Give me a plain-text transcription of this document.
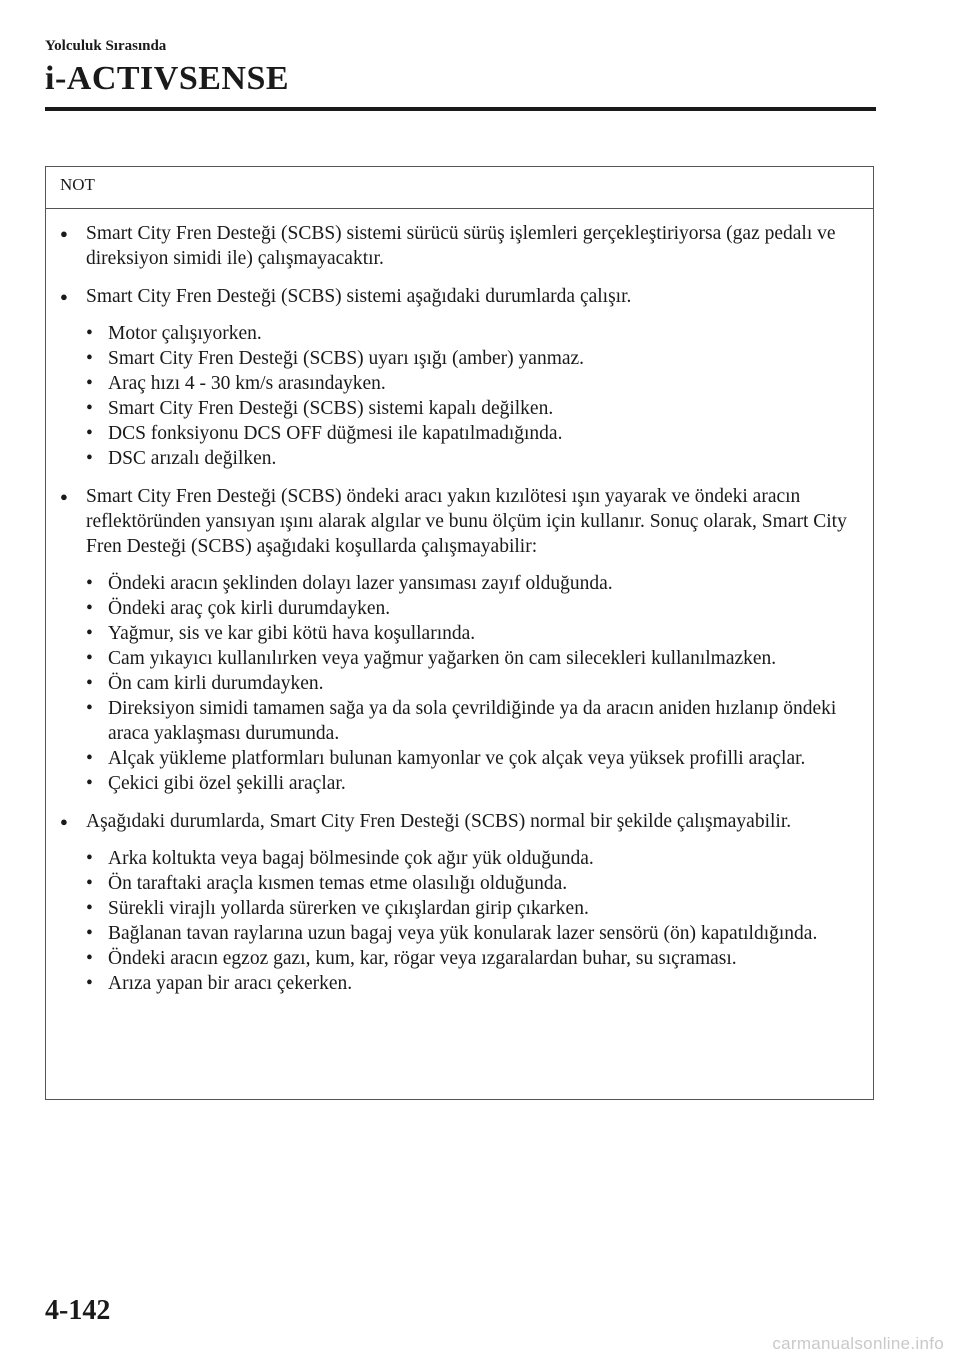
Yolculuk Sırasında
i-ACTIVSENSE
NOT
● Smart City Fren Desteği (SCBS) sistemi sürücü sürüş işlemleri gerçekleştiriyorsa (gaz pedalı ve direksiyon simidi ile) çalışmayacaktır.
● Smart City Fren Desteği (SCBS) sistemi aşağıdaki durumlarda çalışır.
• Motor çalışıyorken.
• Smart City Fren Desteği (SCBS) uyarı ışığı (amber) yanmaz.
• Araç hızı 4 - 30 km/s arasındayken.
• Smart City Fren Desteği (SCBS) sistemi kapalı değilken.
• DCS fonksiyonu DCS OFF düğmesi ile kapatılmadığında.
• DSC arızalı değilken.
● Smart City Fren Desteği (SCBS) öndeki aracı yakın kızılötesi ışın yayarak ve öndeki aracın reflektöründen yansıyan ışını alarak algılar ve bunu ölçüm için kullanır. Sonuç olarak, Smart City Fren Desteği (SCBS) aşağıdaki koşullarda çalışmayabilir:
• Öndeki aracın şeklinden dolayı lazer yansıması zayıf olduğunda.
• Öndeki araç çok kirli durumdayken.
• Yağmur, sis ve kar gibi kötü hava koşullarında.
• Cam yıkayıcı kullanılırken veya yağmur yağarken ön cam silecekleri kullanılmazken.
• Ön cam kirli durumdayken.
• Direksiyon simidi tamamen sağa ya da sola çevrildiğinde ya da aracın aniden hızlanıp öndeki araca yaklaşması durumunda.
• Alçak yükleme platformları bulunan kamyonlar ve çok alçak veya yüksek profilli araçlar.
• Çekici gibi özel şekilli araçlar.
● Aşağıdaki durumlarda, Smart City Fren Desteği (SCBS) normal bir şekilde çalışmayabilir.
• Arka koltukta veya bagaj bölmesinde çok ağır yük olduğunda.
• Ön taraftaki araçla kısmen temas etme olasılığı olduğunda.
• Sürekli virajlı yollarda sürerken ve çıkışlardan girip çıkarken.
• Bağlanan tavan raylarına uzun bagaj veya yük konularak lazer sensörü (ön) kapatıldığında.
• Öndeki aracın egzoz gazı, kum, kar, rögar veya ızgaralardan buhar, su sıçraması.
• Arıza yapan bir aracı çekerken.
4-142
carmanualsonline.info
